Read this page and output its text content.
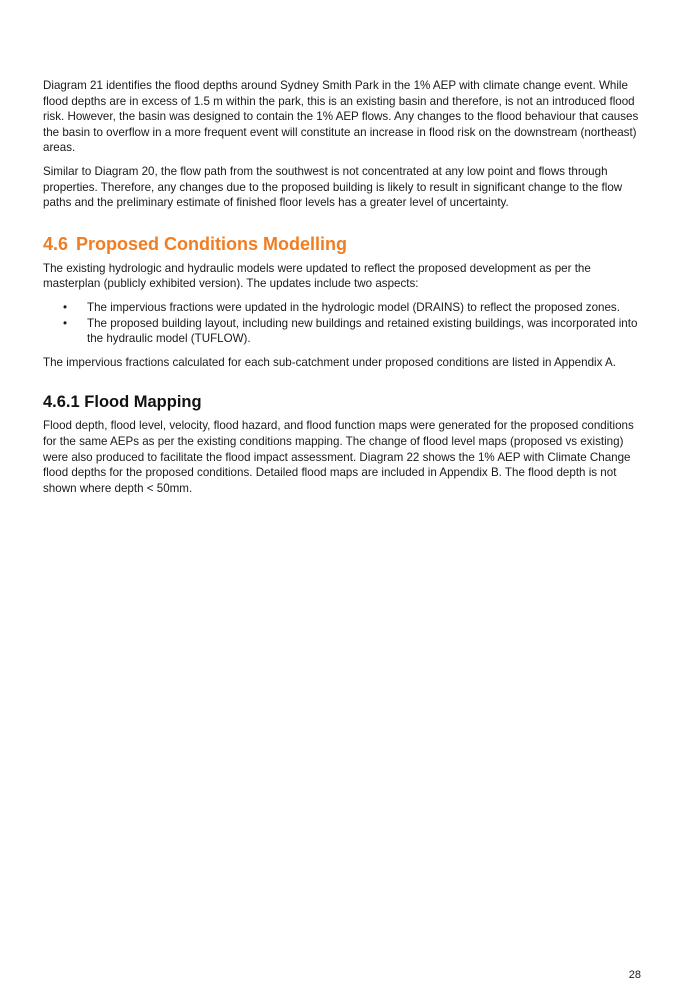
Diagram 21 identifies the flood depths around Sydney Smith Park in the 1% AEP with climate change event. While flood depths are in excess of 1.5 m within the park, this is an existing basin and therefore, is not an introduced flood risk. However, the basin was designed to contain the 1% AEP flows. Any changes to the flood behaviour that causes the basin to overflow in a more frequent event will constitute an increase in flood risk on the downstream (northeast) areas.

Similar to Diagram 20, the flow path from the southwest is not concentrated at any low point and flows through properties. Therefore, any changes due to the proposed building is likely to result in significant change to the flow paths and the preliminary estimate of finished floor levels has a greater level of uncertainty.

4.6 Proposed Conditions Modelling

The existing hydrologic and hydraulic models were updated to reflect the proposed development as per the masterplan (publicly exhibited version). The updates include two aspects:

• The impervious fractions were updated in the hydrologic model (DRAINS) to reflect the proposed zones.
• The proposed building layout, including new buildings and retained existing buildings, was incorporated into the hydraulic model (TUFLOW).

The impervious fractions calculated for each sub-catchment under proposed conditions are listed in Appendix A.

4.6.1 Flood Mapping

Flood depth, flood level, velocity, flood hazard, and flood function maps were generated for the proposed conditions for the same AEPs as per the existing conditions mapping. The change of flood level maps (proposed vs existing) were also produced to facilitate the flood impact assessment. Diagram 22 shows the 1% AEP with Climate Change flood depths for the proposed conditions. Detailed flood maps are included in Appendix B. The flood depth is not shown where depth < 50mm.

28
